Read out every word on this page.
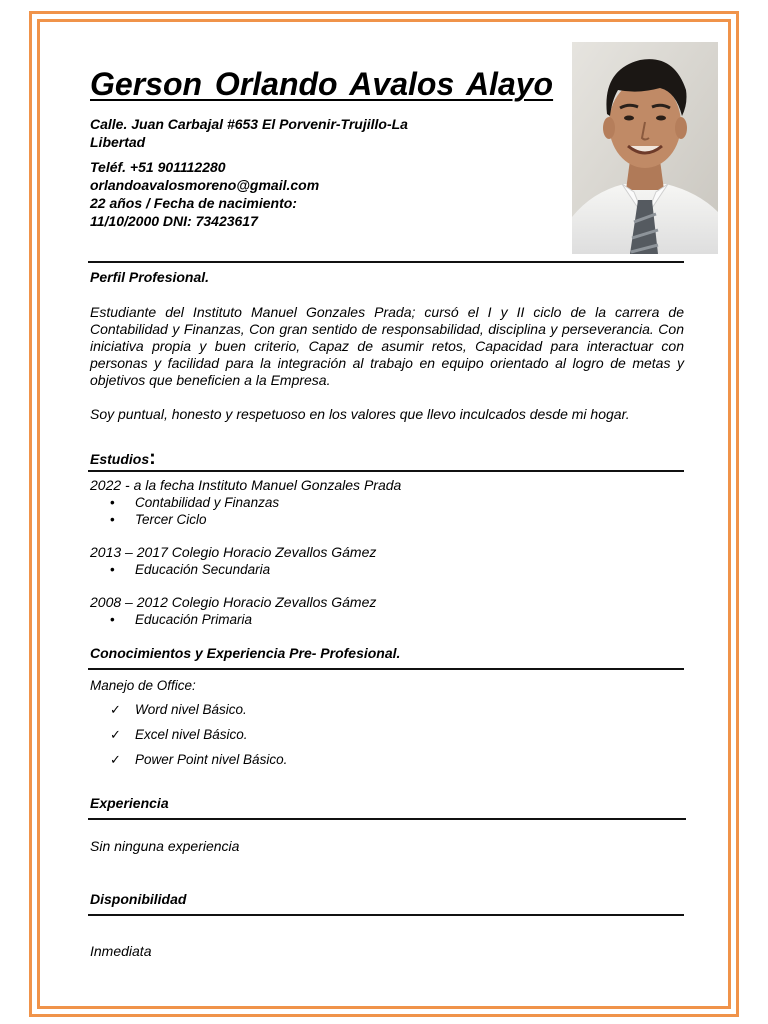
Gerson Orlando Avalos Alayo
Calle. Juan Carbajal #653 El Porvenir-Trujillo-La Libertad
Teléf. +51 901112280
orlandoavalosmoreno@gmail.com
22 años / Fecha de nacimiento:
11/10/2000 DNI: 73423617
Perfil Profesional.

Estudiante del Instituto Manuel Gonzales Prada; cursó el I y II ciclo de la carrera de Contabilidad y Finanzas, Con gran sentido de responsabilidad, disciplina y perseverancia. Con iniciativa propia y buen criterio, Capaz de asumir retos, Capacidad para interactuar con personas y facilidad para la integración al trabajo en equipo orientado al logro de metas y objetivos que beneficien a la Empresa.

Soy puntual, honesto y respetuoso en los valores que llevo inculcados desde mi hogar.

Estudios:
2022 - a la fecha Instituto Manuel Gonzales Prada
• Contabilidad y Finanzas
• Tercer Ciclo
2013 – 2017 Colegio Horacio Zevallos Gámez
• Educación Secundaria
2008 – 2012 Colegio Horacio Zevallos Gámez
• Educación Primaria
Conocimientos y Experiencia Pre- Profesional.
Manejo de Office:
✓ Word nivel Básico.
✓ Excel nivel Básico.
✓ Power Point nivel Básico.
Experiencia
Sin ninguna experiencia
Disponibilidad
Inmediata
